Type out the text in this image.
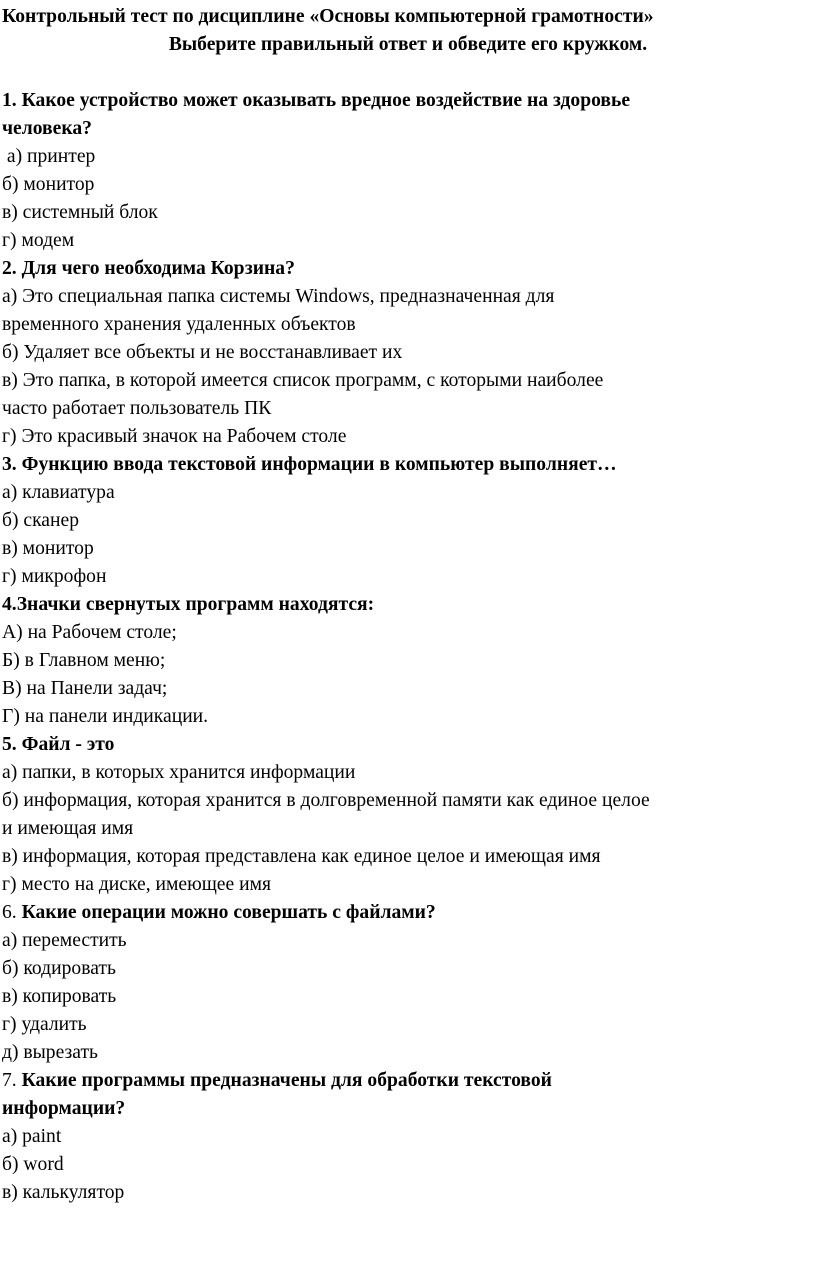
Контрольный тест по дисциплине «Основы компьютерной грамотности»
Выберите правильный ответ и обведите его кружком.
1. Какое устройство может оказывать вредное воздействие на здоровье
человека?
а) принтер
б) монитор
в) системный блок
г) модем
2. Для чего необходима Корзина?
а) Это специальная папка системы Windows, предназначенная для
временного хранения удаленных объектов
б) Удаляет все объекты и не восстанавливает их
в) Это папка, в которой имеется список программ, с которыми наиболее
часто работает пользователь ПК
г) Это красивый значок на Рабочем столе
3. Функцию ввода текстовой информации в компьютер выполняет…
а) клавиатура
б) сканер
в) монитор
г) микрофон
4.Значки свернутых программ находятся:
А) на Рабочем столе;
Б) в Главном меню;
В) на Панели задач;
Г) на панели индикации.
5. Файл - это
а) папки, в которых хранится информации
б) информация, которая хранится в долговременной памяти как единое целое
и имеющая имя
в) информация, которая представлена как единое целое и имеющая имя
г) место на диске, имеющее имя
6. Какие операции можно совершать с файлами?
а) переместить
б) кодировать
в) копировать
г) удалить
д) вырезать
7. Какие программы предназначены для обработки текстовой
информации?
а) paint
б) word
в) калькулятор
